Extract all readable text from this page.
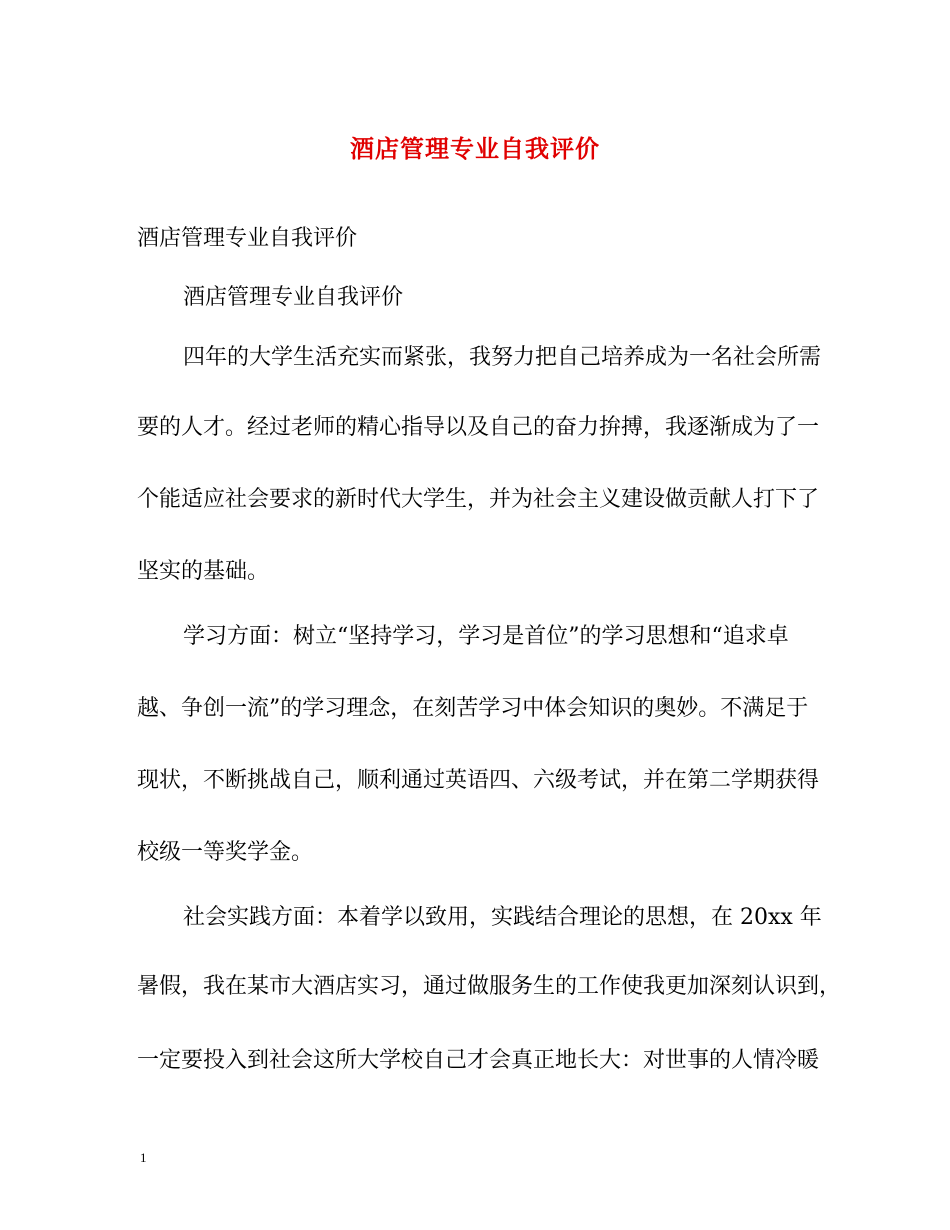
酒店管理专业自我评价
酒店管理专业自我评价
酒店管理专业自我评价
四年的大学生活充实而紧张，我努力把自己培养成为一名社会所需
要的人才。经过老师的精心指导以及自己的奋力拚搏，我逐渐成为了一
个能适应社会要求的新时代大学生，并为社会主义建设做贡献人打下了
坚实的基础。
学习方面：树立“坚持学习，学习是首位”的学习思想和“追求卓
越、争创一流”的学习理念，在刻苦学习中体会知识的奥妙。不满足于
现状，不断挑战自己，顺利通过英语四、六级考试，并在第二学期获得
校级一等奖学金。
社会实践方面：本着学以致用，实践结合理论的思想，在 20xx 年
暑假，我在某市大酒店实习，通过做服务生的工作使我更加深刻认识到，
一定要投入到社会这所大学校自己才会真正地长大：对世事的人情冷暖
1
